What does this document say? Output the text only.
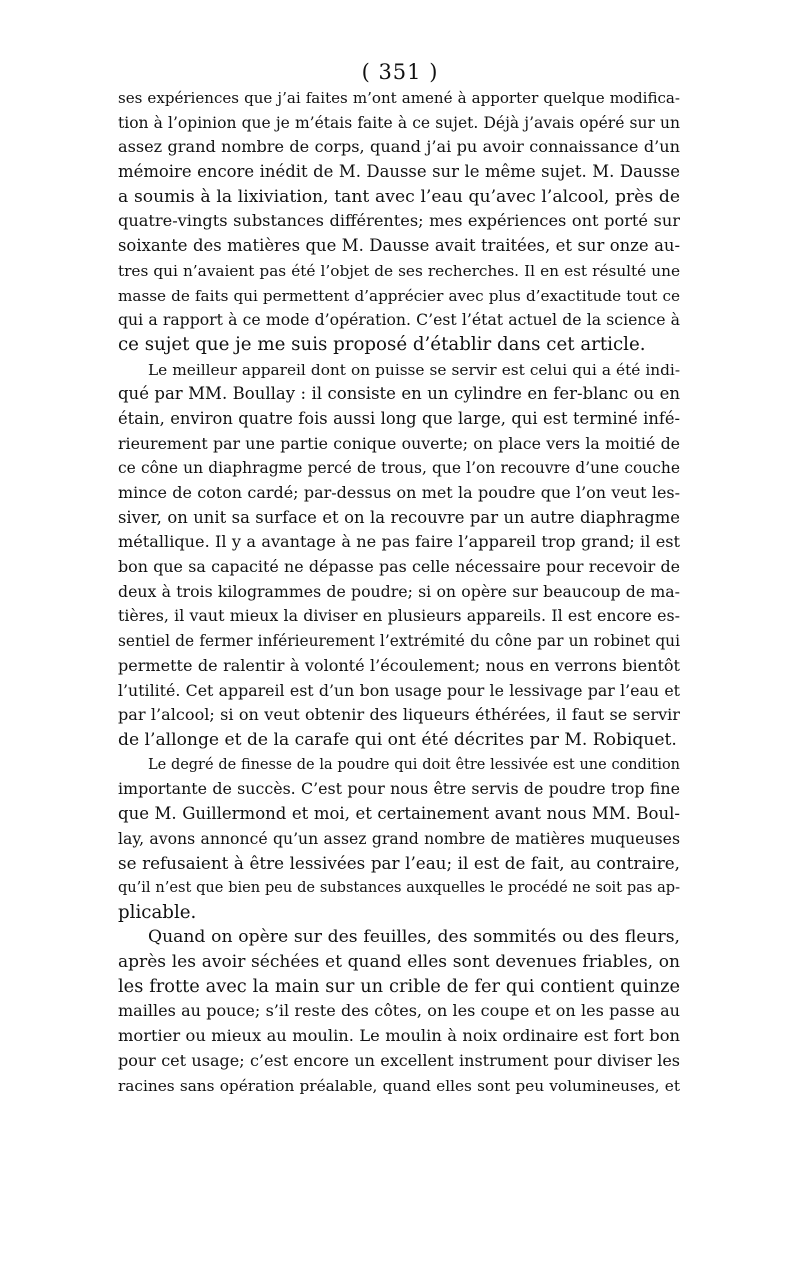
( 351 )
ses expériences que j’ai faites m’ont amené à apporter quelque modifica-
tion à l’opinion que je m’étais faite à ce sujet. Déjà j’avais opéré sur un
assez grand nombre de corps, quand j’ai pu avoir connaissance d’un
mémoire encore inédit de M. Dausse sur le même sujet. M. Dausse
a soumis à la lixiviation, tant avec l’eau qu’avec l’alcool, près de
quatre-vingts substances différentes; mes expériences ont porté sur
soixante des matières que M. Dausse avait traitées, et sur onze au-
tres qui n’avaient pas été l’objet de ses recherches. Il en est résulté une
masse de faits qui permettent d’apprécier avec plus d’exactitude tout ce
qui a rapport à ce mode d’opération. C’est l’état actuel de la science à
ce sujet que je me suis proposé d’établir dans cet article.
Le meilleur appareil dont on puisse se servir est celui qui a été indi-
qué par MM. Boullay : il consiste en un cylindre en fer-blanc ou en
étain, environ quatre fois aussi long que large, qui est terminé infé-
rieurement par une partie conique ouverte; on place vers la moitié de
ce cône un diaphragme percé de trous, que l’on recouvre d’une couche
mince de coton cardé; par-dessus on met la poudre que l’on veut les-
siver, on unit sa surface et on la recouvre par un autre diaphragme
métallique. Il y a avantage à ne pas faire l’appareil trop grand; il est
bon que sa capacité ne dépasse pas celle nécessaire pour recevoir de
deux à trois kilogrammes de poudre; si on opère sur beaucoup de ma-
tières, il vaut mieux la diviser en plusieurs appareils. Il est encore es-
sentiel de fermer inférieurement l’extrémité du cône par un robinet qui
permette de ralentir à volonté l’écoulement; nous en verrons bientôt
l’utilité. Cet appareil est d’un bon usage pour le lessivage par l’eau et
par l’alcool; si on veut obtenir des liqueurs éthérées, il faut se servir
de l’allonge et de la carafe qui ont été décrites par M. Robiquet.
Le degré de finesse de la poudre qui doit être lessivée est une condition
importante de succès. C’est pour nous être servis de poudre trop fine
que M. Guillermond et moi, et certainement avant nous MM. Boul-
lay, avons annoncé qu’un assez grand nombre de matières muqueuses
se refusaient à être lessivées par l’eau; il est de fait, au contraire,
qu’il n’est que bien peu de substances auxquelles le procédé ne soit pas ap-
plicable.
Quand on opère sur des feuilles, des sommités ou des fleurs,
après les avoir séchées et quand elles sont devenues friables, on
les frotte avec la main sur un crible de fer qui contient quinze
mailles au pouce; s’il reste des côtes, on les coupe et on les passe au
mortier ou mieux au moulin. Le moulin à noix ordinaire est fort bon
pour cet usage; c’est encore un excellent instrument pour diviser les
racines sans opération préalable, quand elles sont peu volumineuses, et
